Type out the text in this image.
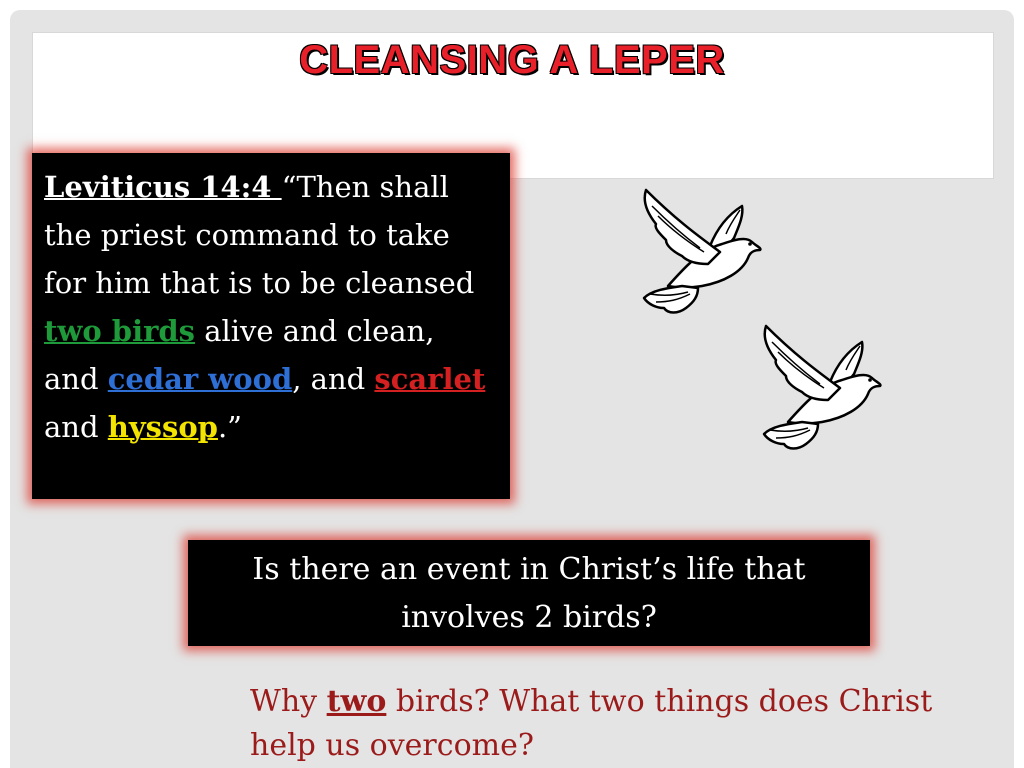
CLEANSING A LEPER
Leviticus 14:4 “Then shall the priest command to take for him that is to be cleansed two birds alive and clean, and cedar wood, and scarlet and hyssop.”
Is there an event in Christ’s life that involves 2 birds?
Why two birds? What two things does Christ
help us overcome?
